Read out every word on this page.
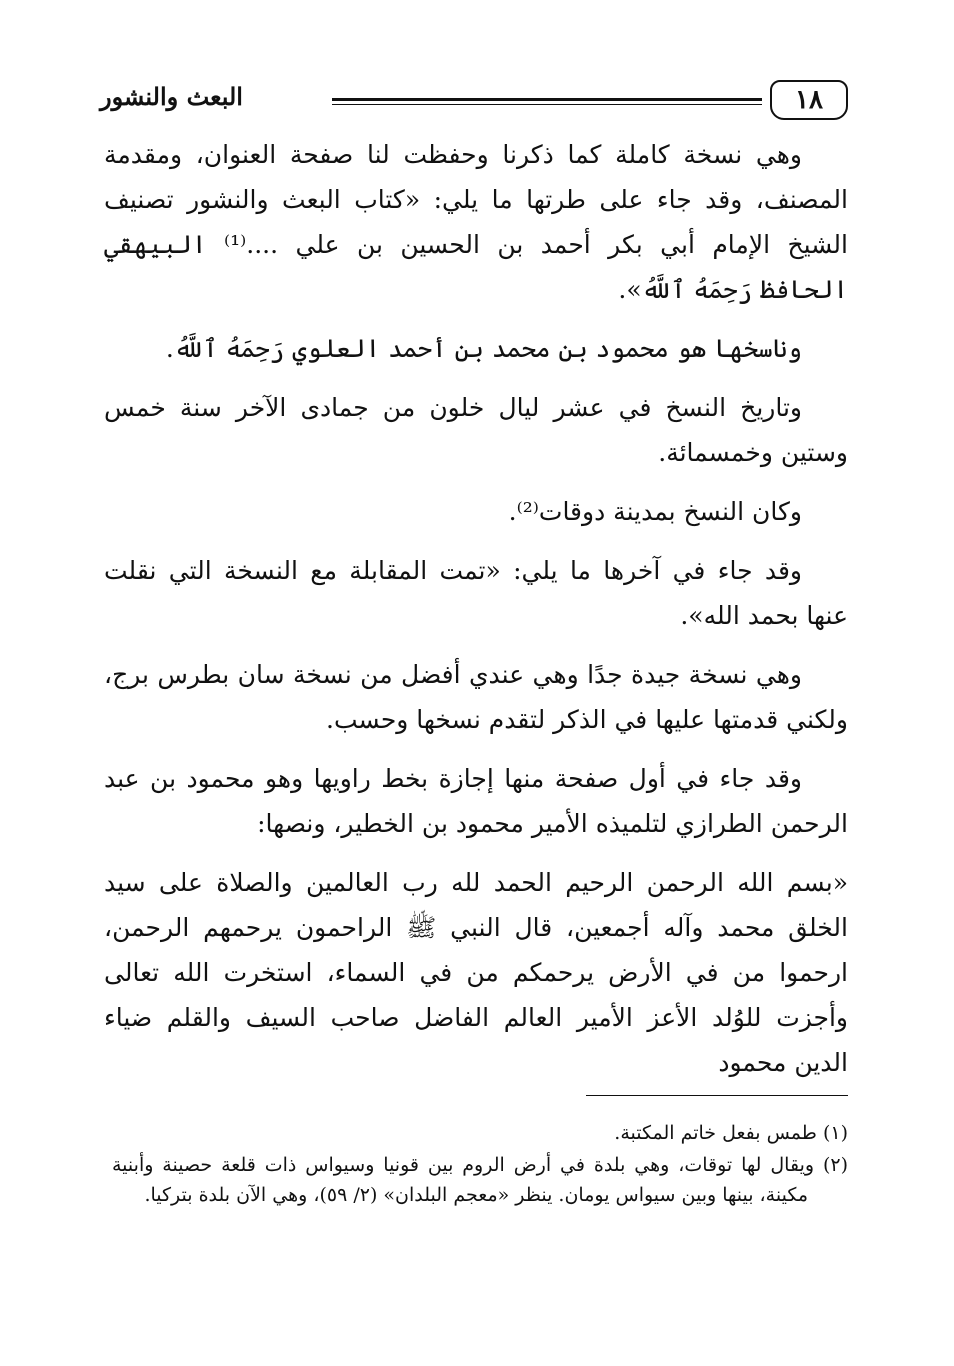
البعث والنشور	١٨

وهي نسخة كاملة كما ذكرنا وحفظت لنا صفحة العنوان، ومقدمة المصنف، وقد جاء على طرتها ما يلي: «كتاب البعث والنشور تصنيف الشيخ الإمام أبي بكر أحمد بن الحسين بن علي ....⁽¹⁾ البيهقي الحافظ رَحِمَهُ ٱللَّهُ».

وناسخها هو محمود بن محمد بن أحمد العلوي رَحِمَهُ ٱللَّهُ.

وتاريخ النسخ في عشر ليال خلون من جمادى الآخر سنة خمس وستين وخمسمائة.

وكان النسخ بمدينة دوقات⁽²⁾.

وقد جاء في آخرها ما يلي: «تمت المقابلة مع النسخة التي نقلت عنها بحمد الله».

وهي نسخة جيدة جدًا وهي عندي أفضل من نسخة سان بطرس برج، ولكني قدمتها عليها في الذكر لتقدم نسخها وحسب.

وقد جاء في أول صفحة منها إجازة بخط راويها وهو محمود بن عبد الرحمن الطرازي لتلميذه الأمير محمود بن الخطير، ونصها:

«بسم الله الرحمن الرحيم الحمد لله رب العالمين والصلاة على سيد الخلق محمد وآله أجمعين، قال النبي ﷺ الراحمون يرحمهم الرحمن، ارحموا من في الأرض يرحمكم من في السماء، استخرت الله تعالى وأجزت للوُلد الأعز الأمير العالم الفاضل صاحب السيف والقلم ضياء الدين محمود

(١) طمس بفعل خاتم المكتبة.

(٢) ويقال لها توقات، وهي بلدة في أرض الروم بين قونيا وسيواس ذات قلعة حصينة وأبنية مكينة، بينها وبين سيواس يومان. ينظر «معجم البلدان» (٢/ ٥٩)، وهي الآن بلدة بتركيا.
